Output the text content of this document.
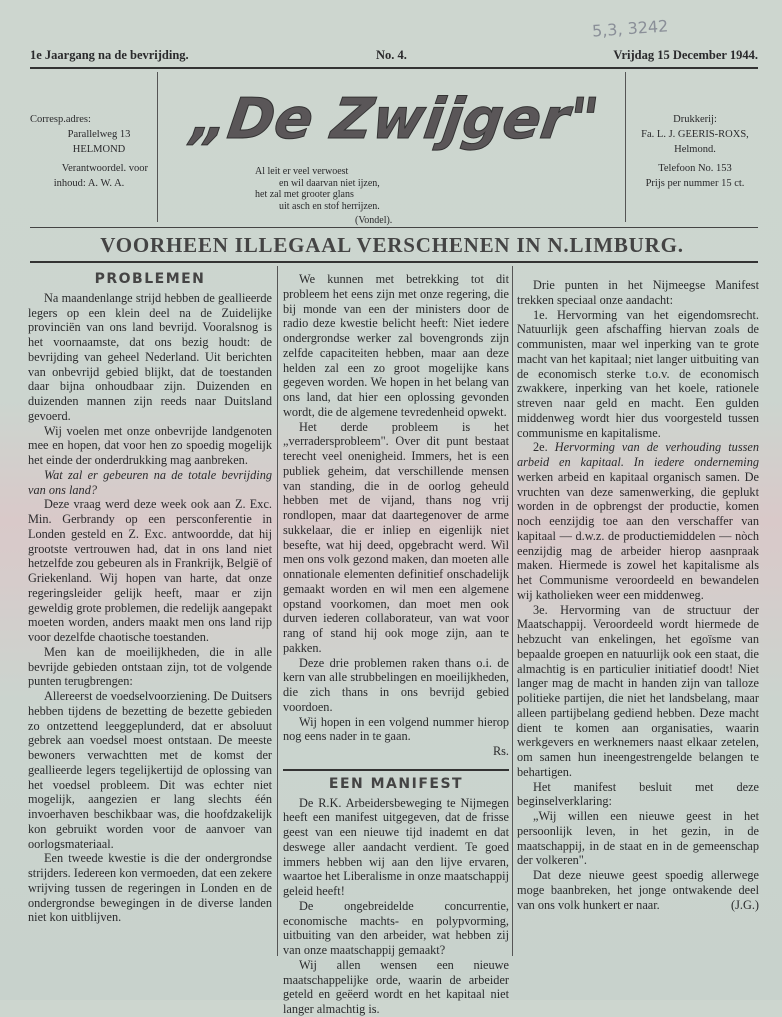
5,3, 3242
1e Jaargang na de bevrijding.	No. 4.	Vrijdag 15 December 1944.
Corresp.adres:
Parallelweg 13
HELMOND
Verantwoordel. voor
inhoud: A. W. A.
„De Zwijger"
Al leit er veel verwoest
en wil daarvan niet ijzen,
het zal met grooter glans
uit asch en stof herrijzen.
(Vondel).
Drukkerij:
Fa. L. J. GEERIS-ROXS,
Helmond.
Telefoon No. 153
Prijs per nummer 15 ct.
VOORHEEN ILLEGAAL VERSCHENEN IN N.LIMBURG.
PROBLEMEN

Na maandenlange strijd hebben de geallieerde legers op een klein deel na de Zuidelijke provinciën van ons land bevrijd. Vooralsnog is het voornaamste, dat ons bezig houdt: de bevrijding van geheel Nederland. Uit berichten van onbevrijd gebied blijkt, dat de toestanden daar bijna onhoudbaar zijn. Duizenden en duizenden mannen zijn reeds naar Duitsland gevoerd.

Wij voelen met onze onbevrijde landgenoten mee en hopen, dat voor hen zo spoedig mogelijk het einde der onderdrukking mag aanbreken.

Wat zal er gebeuren na de totale bevrijding van ons land?

Deze vraag werd deze week ook aan Z. Exc. Min. Gerbrandy op een persconferentie in Londen gesteld en Z. Exc. antwoordde, dat hij grootste vertrouwen had, dat in ons land niet hetzelfde zou gebeuren als in Frankrijk, België of Griekenland. Wij hopen van harte, dat onze regeringsleider gelijk heeft, maar er zijn geweldig grote problemen, die redelijk aangepakt moeten worden, anders maakt men ons land rijp voor dezelfde chaotische toestanden.

Men kan de moeilijkheden, die in alle bevrijde gebieden ontstaan zijn, tot de volgende punten terugbrengen:

Allereerst de voedselvoorziening. De Duitsers hebben tijdens de bezetting de bezette gebieden zo ontzettend leeggeplunderd, dat er absoluut gebrek aan voedsel moest ontstaan. De meeste bewoners verwachtten met de komst der geallieerde legers tegelijkertijd de oplossing van het voedsel probleem. Dit was echter niet mogelijk, aangezien er lang slechts één invoerhaven beschikbaar was, die hoofdzakelijk kon gebruikt worden voor de aanvoer van oorlogsmateriaal.

Een tweede kwestie is die der ondergrondse strijders. Iedereen kon vermoeden, dat een zekere wrijving tussen de regeringen in Londen en de ondergrondse bewegingen in de diverse landen niet kon uitblijven.

We kunnen met betrekking tot dit probleem het eens zijn met onze regering, die bij monde van een der ministers door de radio deze kwestie belicht heeft: Niet iedere ondergrondse werker zal bovengronds zijn zelfde capaciteiten hebben, maar aan deze helden zal een zo groot mogelijke kans gegeven worden. We hopen in het belang van ons land, dat hier een oplossing gevonden wordt, die de algemene tevredenheid opwekt.

Het derde probleem is het „verradersprobleem". Over dit punt bestaat terecht veel onenigheid. Immers, het is een publiek geheim, dat verschillende mensen van standing, die in de oorlog geheuld hebben met de vijand, thans nog vrij rondlopen, maar dat daartegenover de arme sukkelaar, die er inliep en eigenlijk niet besefte, wat hij deed, opgebracht werd. Wil men ons volk gezond maken, dan moeten alle onnationale elementen definitief onschadelijk gemaakt worden en wil men een algemene opstand voorkomen, dan moet men ook durven iederen collaborateur, van wat voor rang of stand hij ook moge zijn, aan te pakken.

Deze drie problemen raken thans o.i. de kern van alle strubbelingen en moeilijkheden, die zich thans in ons bevrijd gebied voordoen.

Wij hopen in een volgend nummer hierop nog eens nader in te gaan.

Rs.
EEN MANIFEST

De R.K. Arbeidersbeweging te Nijmegen heeft een manifest uitgegeven, dat de frisse geest van een nieuwe tijd inademt en dat deswege aller aandacht verdient. Te goed immers hebben wij aan den lijve ervaren, waartoe het Liberalisme in onze maatschappij geleid heeft!

De ongebreidelde concurrentie, economische machts- en polypvorming, uitbuiting van den arbeider, wat hebben zij van onze maatschappij gemaakt?

Wij allen wensen een nieuwe maatschappelijke orde, waarin de arbeider geteld en geëerd wordt en het kapitaal niet langer almachtig is.

Drie punten in het Nijmeegse Manifest trekken speciaal onze aandacht:

1e. Hervorming van het eigendomsrecht. Natuurlijk geen afschaffing hiervan zoals de communisten, maar wel inperking van te grote macht van het kapitaal; niet langer uitbuiting van de economisch sterke t.o.v. de economisch zwakkere, inperking van het koele, rationele streven naar geld en macht. Een gulden middenweg wordt hier dus voorgesteld tussen communisme en kapitalisme.

2e. Hervorming van de verhouding tussen arbeid en kapitaal. In iedere onderneming werken arbeid en kapitaal organisch samen. De vruchten van deze samenwerking, die geplukt worden in de opbrengst der productie, komen noch eenzijdig toe aan den verschaffer van kapitaal — d.w.z. de productiemiddelen — nòch eenzijdig mag de arbeider hierop aasnpraak maken. Hiermede is zowel het kapitalisme als het Communisme veroordeeld en bewandelen wij katholieken weer een middenweg.

3e. Hervorming van de structuur der Maatschappij. Veroordeeld wordt hiermede de hebzucht van enkelingen, het egoïsme van bepaalde groepen en natuurlijk ook een staat, die almachtig is en particulier initiatief doodt! Niet langer mag de macht in handen zijn van talloze politieke partijen, die niet het landsbelang, maar alleen partijbelang gediend hebben. Deze macht dient te komen aan organisaties, waarin werkgevers en werknemers naast elkaar zetelen, om samen hun ineengestrengelde belangen te behartigen.

Het manifest besluit met deze beginselverklaring:

„Wij willen een nieuwe geest in het persoonlijk leven, in het gezin, in de maatschappij, in de staat en in de gemeenschap der volkeren".

Dat deze nieuwe geest spoedig allerwege moge baanbreken, het jonge ontwakende deel van ons volk hunkert er naar.	(J.G.)
